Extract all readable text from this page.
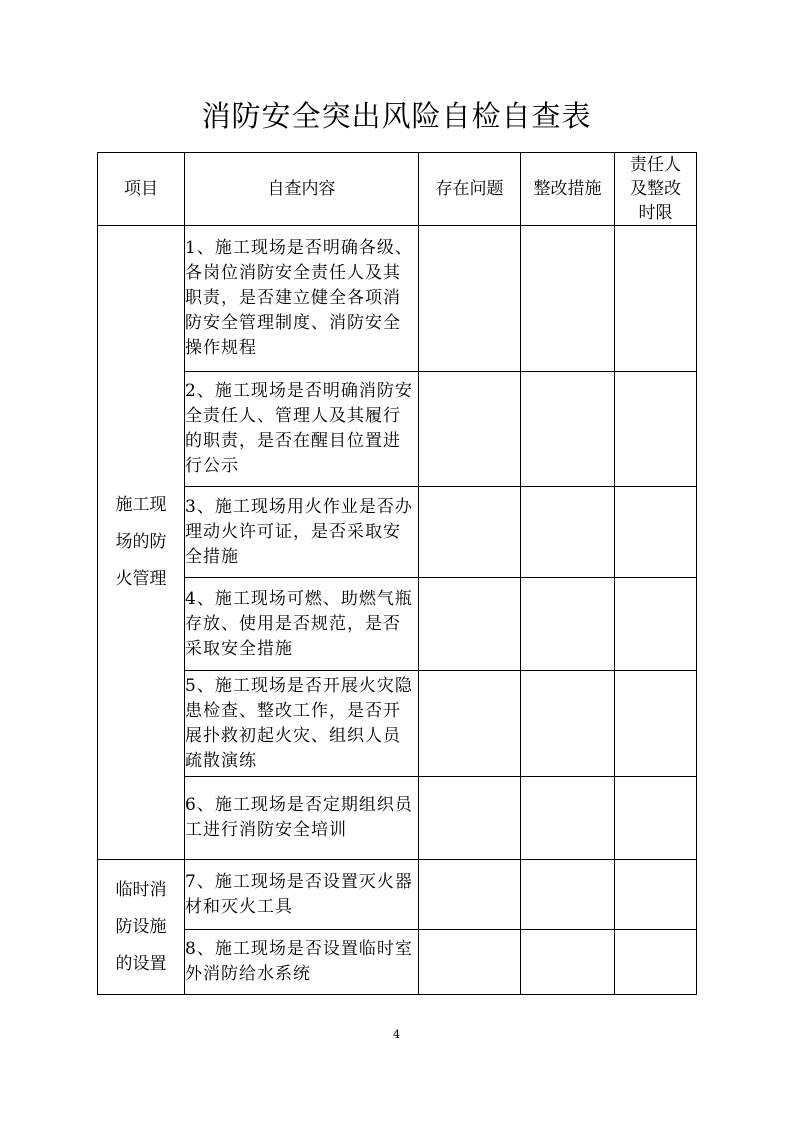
消防安全突出风险自检自查表
项目	自查内容	存在问题	整改措施	责任人及整改时限
施工现场的防火管理	1、施工现场是否明确各级、各岗位消防安全责任人及其职责，是否建立健全各项消防安全管理制度、消防安全操作规程			
	2、施工现场是否明确消防安全责任人、管理人及其履行的职责，是否在醒目位置进行公示			
	3、施工现场用火作业是否办理动火许可证，是否采取安全措施			
	4、施工现场可燃、助燃气瓶存放、使用是否规范，是否采取安全措施			
	5、施工现场是否开展火灾隐患检查、整改工作，是否开展扑救初起火灾、组织人员疏散演练			
	6、施工现场是否定期组织员工进行消防安全培训			
临时消防设施的设置	7、施工现场是否设置灭火器材和灭火工具			
	8、施工现场是否设置临时室外消防给水系统			
4
